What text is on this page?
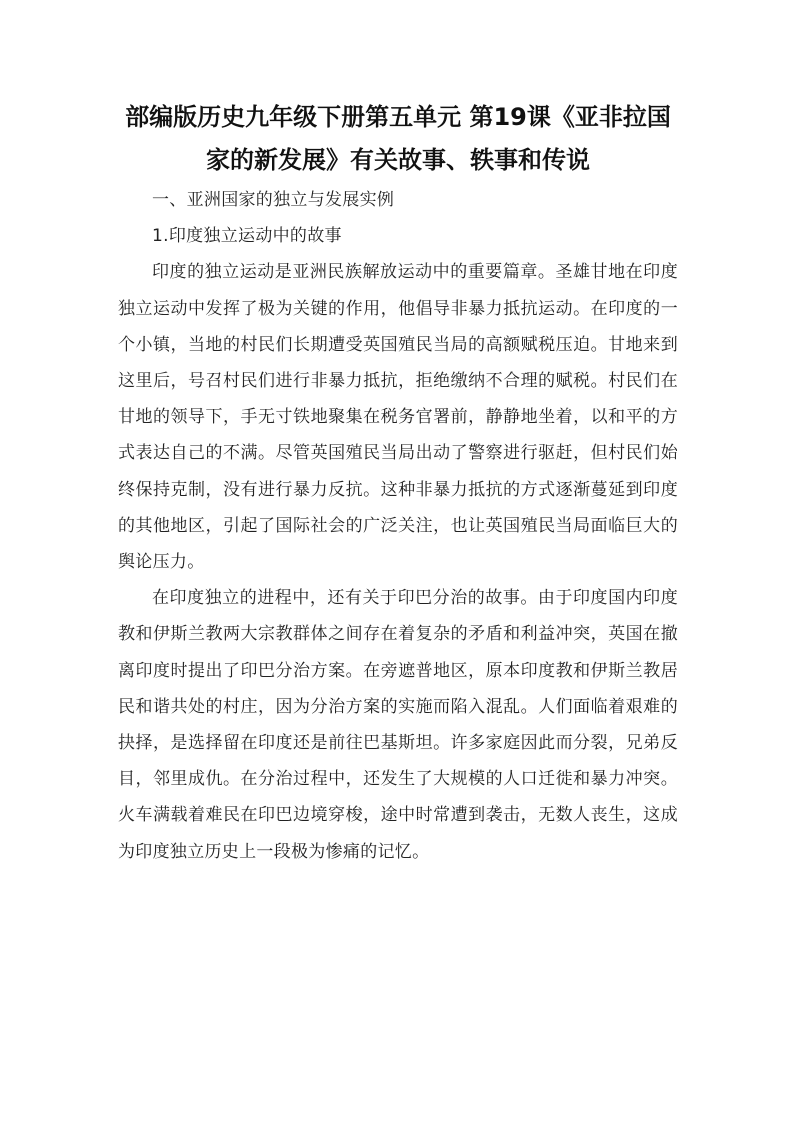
部编版历史九年级下册第五单元 第19课《亚非拉国家的新发展》有关故事、轶事和传说

一、亚洲国家的独立与发展实例

1.印度独立运动中的故事

印度的独立运动是亚洲民族解放运动中的重要篇章。圣雄甘地在印度独立运动中发挥了极为关键的作用，他倡导非暴力抵抗运动。在印度的一个小镇，当地的村民们长期遭受英国殖民当局的高额赋税压迫。甘地来到这里后，号召村民们进行非暴力抵抗，拒绝缴纳不合理的赋税。村民们在甘地的领导下，手无寸铁地聚集在税务官署前，静静地坐着，以和平的方式表达自己的不满。尽管英国殖民当局出动了警察进行驱赶，但村民们始终保持克制，没有进行暴力反抗。这种非暴力抵抗的方式逐渐蔓延到印度的其他地区，引起了国际社会的广泛关注，也让英国殖民当局面临巨大的舆论压力。

在印度独立的进程中，还有关于印巴分治的故事。由于印度国内印度教和伊斯兰教两大宗教群体之间存在着复杂的矛盾和利益冲突，英国在撤离印度时提出了印巴分治方案。在旁遮普地区，原本印度教和伊斯兰教居民和谐共处的村庄，因为分治方案的实施而陷入混乱。人们面临着艰难的抉择，是选择留在印度还是前往巴基斯坦。许多家庭因此而分裂，兄弟反目，邻里成仇。在分治过程中，还发生了大规模的人口迁徙和暴力冲突。火车满载着难民在印巴边境穿梭，途中时常遭到袭击，无数人丧生，这成为印度独立历史上一段极为惨痛的记忆。
